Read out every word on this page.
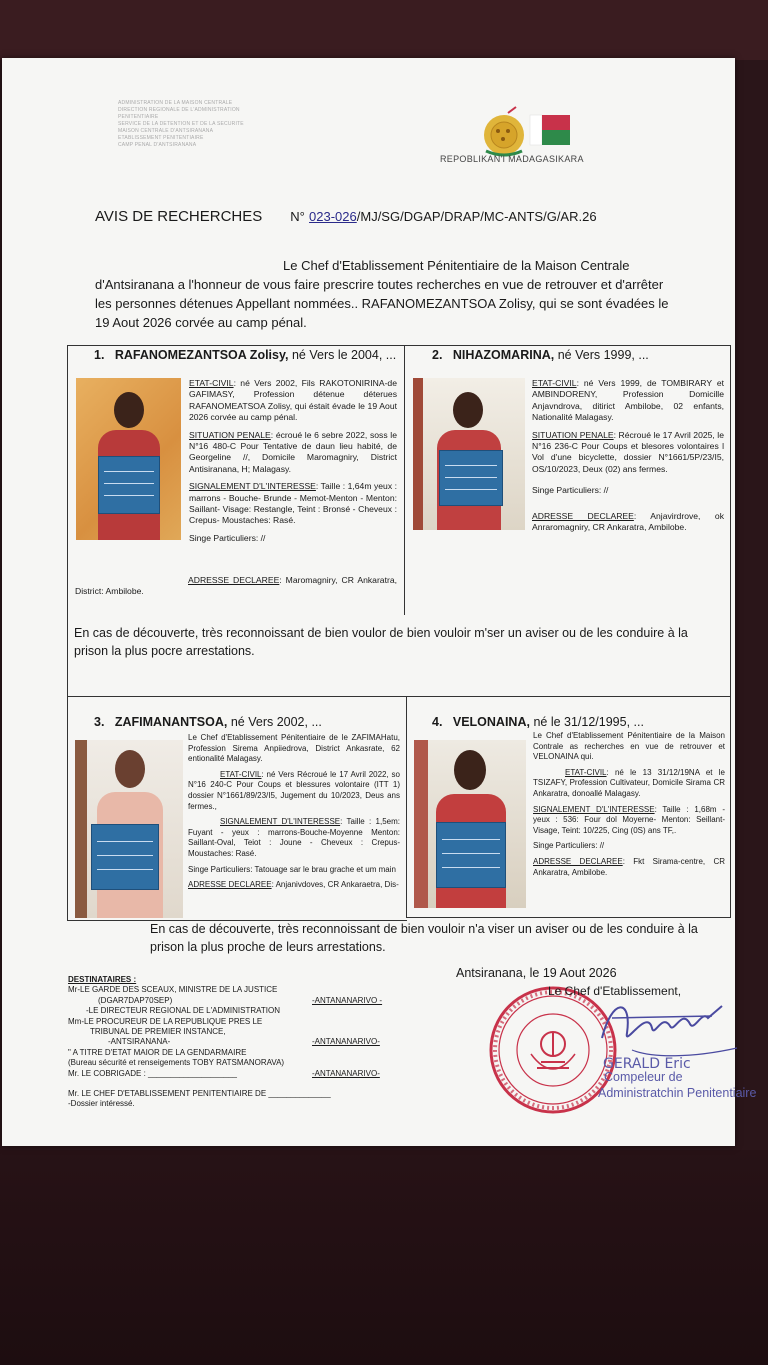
ADMINISTRATION DE LA MAISON CENTRALE
DIRECTION REGIONALE DE L'ADMINISTRATION
PENITENTIAIRE
SERVICE DE LA DETENTION ET DE LA SECURITE
MAISON CENTRALE D'ANTSIRANANA
ETABLISSEMENT PENITENTIAIRE
CAMP PENAL D'ANTSIRANANA
REPOBLIKAN'I MADAGASIKARA
AVIS DE RECHERCHES N° 023-026/MJ/SG/DGAP/DRAP/MC-ANTS/G/AR.26

Le Chef d'Etablissement Pénitentiaire de la Maison Centrale d'Antsiranana a l'honneur de vous faire prescrire toutes recherches en vue de retrouver et d'arrêter les personnes détenues Appellant nommées.. RAFANOMEZANTSOA Zolisy, qui se sont évadées le 19 Aout 2026 corvée au camp pénal.

1. RAFANOMEZANTSOA Zolisy, né Vers le 2004, ...

ETAT-CIVIL: né Vers 2002, Fils RAKOTONIRINA-de GAFIMASY, Profession détenue déterues RAFANOMEATSOA Zolisy, qui éstait évade le 19 Aout 2026 corvée au camp pénal.

SITUATION PENALE: écroué le 6 sebre 2022, soss le N°16 480-C Pour Tentative de daun lieu habité, de Georgeline //, Domicile Maromagniry, District Antisiranana, H; Malagasy.

SIGNALEMENT D'L'INTERESSE: Taille : 1,64m yeux : marrons - Bouche- Brunde - Memot-Menton - Menton: Saillant- Visage: Restangle, Teint : Bronsé - Cheveux : Crepus- Moustaches: Rasé.

Singe Particuliers: //

ADRESSE DECLAREE: Maromagniry, CR Ankaratra, District: Ambilobe.

2. NIHAZOMARINA, né Vers 1999, ...

ETAT-CIVIL: né Vers 1999, de TOMBIRARY et AMBINDORENY, Profession Domicille Anjavndrova, ditirict Ambilobe, 02 enfants, Nationalité Malagasy.

SITUATION PENALE: Récroué le 17 Avril 2025, le N°16 236-C Pour Coups et blesores volontaires l Vol d'une bicyclette, dossier N°1661/5P/23/I5, OS/10/2023, Deux (02) ans fermes.

Singe Particuliers: //

ADRESSE DECLAREE: Anjavirdrove, ok Anraromagniry, CR Ankaratra, Ambilobe.

En cas de découverte, très reconnoissant de bien voulor de bien vouloir m'ser un aviser ou de les conduire à la prison la plus pocre arrestations.
3. ZAFIMANANTSOA, né Vers 2002, ...

Le Chef d'Etablissement Pénitentiaire de le ZAFIMAHatu, Profession Sirema Anpiiedrova, District Ankasrate, 62 entionalité Malagasy.

ETAT-CIVIL: né Vers Récroué le 17 Avril 2022, so N°16 240-C Pour Coups et blessures volontaire (ITT 1) dossier N°1661/89/23/I5, Jugement du 10/2023, Deus ans fermes.,

SIGNALEMENT D'L'INTERESSE: Taille : 1,5em: Fuyant - yeux : marrons-Bouche-Moyenne Menton: Saillant-Oval, Teiot : Joune - Cheveux : Crepus- Moustaches: Rasé.

Singe Particuliers: Tatouage sar le brau grache et um main

ADRESSE DECLAREE: Anjanivdoves, CR Ankaraetra, Dis-

4. VELONAINA, né le 31/12/1995, ...

Le Chef d'Etablissement Pénitentiaire de la Maison Contrale as recherches en vue de retrouver et VELONAINA qui.

ETAT-CIVIL: né le 13 31/12/19NA et le TSIZAFY, Profession Cultivateur, Domicile Sirama CR Ankaratra, donoallé Malagasy.

SIGNALEMENT D'L'INTERESSE: Taille : 1,68m - yeux : 536: Four dol Moyerne- Menton: Seillant-Visage, Teint: 10/225, Cing (0S) ans TF,.

Singe Particuliers: //

ADRESSE DECLAREE: Fkt Sirama-centre, CR Ankaratra, Ambilobe.

En cas de découverte, très reconnoissant de bien vouloir n'a viser un aviser ou de les conduire à la prison la plus proche de leurs arrestations.
DESTINATAIRES :
Mr-LE GARDE DES SCEAUX, MINISTRE DE LA JUSTICE
(DGAR7DAP70SEP)	-ANTANANARIVO -
-LE DIRECTEUR REGIONAL DE L'ADMINISTRATION
Mm-LE PROCUREUR DE LA REPUBLIQUE PRES LE
TRIBUNAL DE PREMIER INSTANCE,
-ANTSIRANANA-	-ANTANANARIVO-
" A TITRE D'ETAT MAIOR DE LA GENDARMAIRE
(Bureau sécurité et renseigements TOBY RATSMANORAVA)
Mr. LE COBRIGADE : ____________________	-ANTANANARIVO-
Mr. LE CHEF D'ETABLISSEMENT PENITENTIAIRE DE ______________
-Dossier intéressé.
Antsiranana, le 19 Aout 2026
Le Chef d'Etablissement,
GERALD Eric
Compeleur de
Administratchin Penitentiaire
